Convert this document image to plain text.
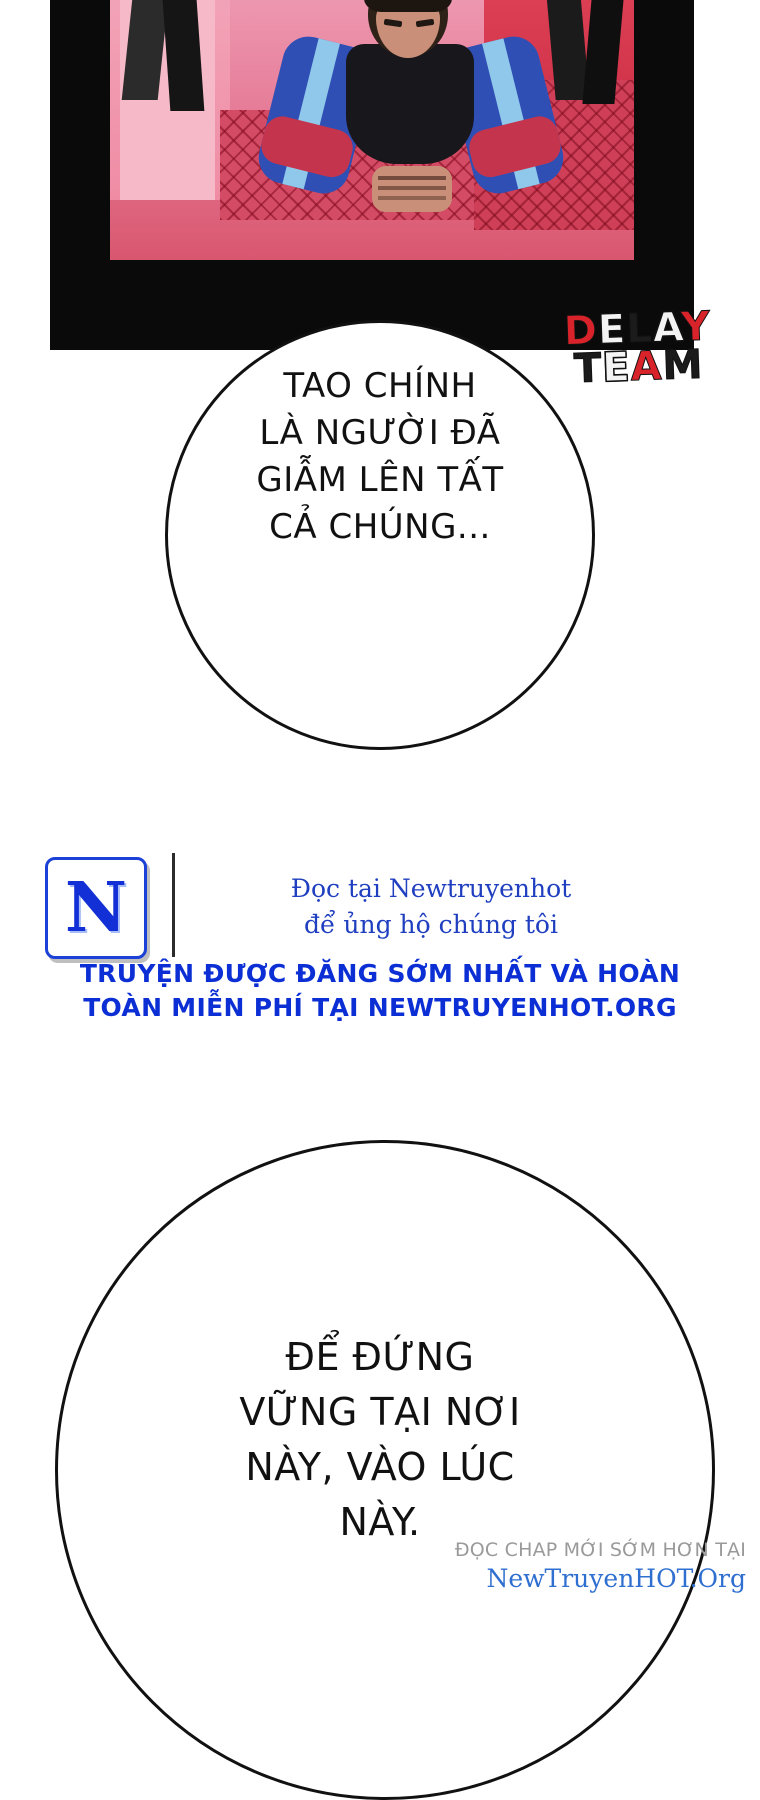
DELAY
TEAM
TAO CHÍNH
LÀ NGƯỜI ĐÃ
GIẪM LÊN TẤT
CẢ CHÚNG...
N	Đọc tại Newtruyenhot
để ủng hộ chúng tôi
TRUYỆN ĐƯỢC ĐĂNG SỚM NHẤT VÀ HOÀN
TOÀN MIỄN PHÍ TẠI NEWTRUYENHOT.ORG
ĐỂ ĐỨNG
VỮNG TẠI NƠI
NÀY, VÀO LÚC
NÀY.
ĐỌC CHAP MỚI SỚM HƠN TẠI
NewTruyenHOT.Org
